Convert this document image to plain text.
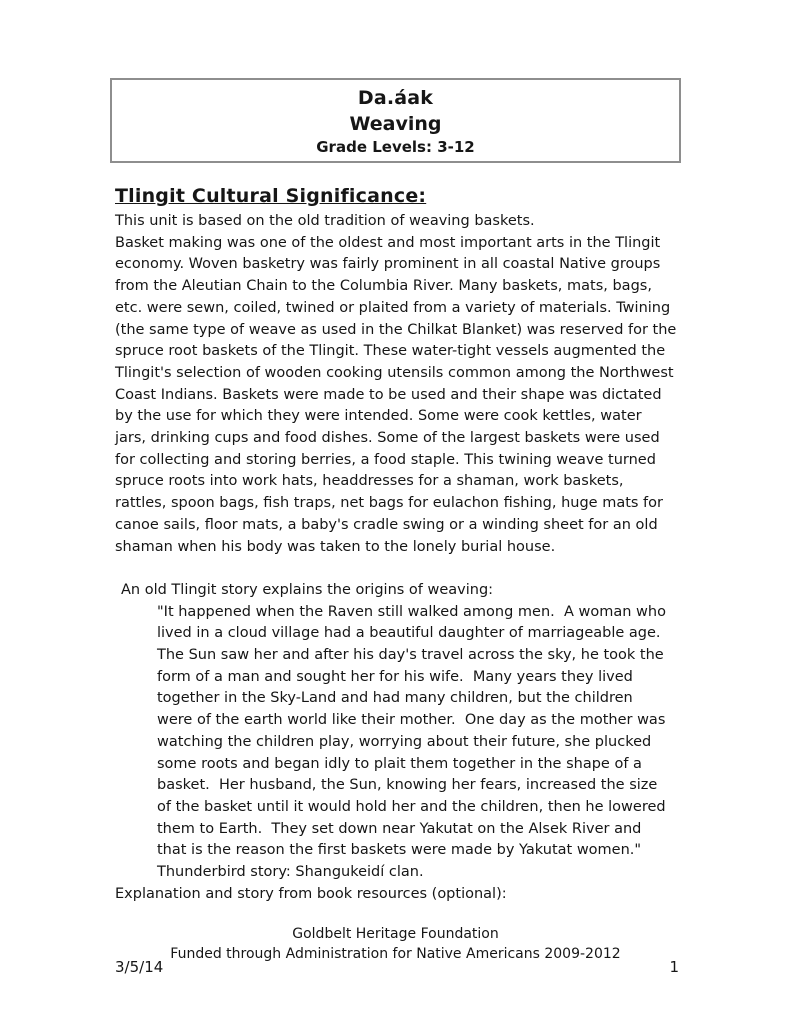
Da.áak
Weaving
Grade Levels: 3-12
Tlingit Cultural Significance:
This unit is based on the old tradition of weaving baskets.
Basket making was one of the oldest and most important arts in the Tlingit
economy. Woven basketry was fairly prominent in all coastal Native groups
from the Aleutian Chain to the Columbia River. Many baskets, mats, bags,
etc. were sewn, coiled, twined or plaited from a variety of materials. Twining
(the same type of weave as used in the Chilkat Blanket) was reserved for the
spruce root baskets of the Tlingit. These water-tight vessels augmented the
Tlingit's selection of wooden cooking utensils common among the Northwest
Coast Indians. Baskets were made to be used and their shape was dictated
by the use for which they were intended. Some were cook kettles, water
jars, drinking cups and food dishes. Some of the largest baskets were used
for collecting and storing berries, a food staple. This twining weave turned
spruce roots into work hats, headdresses for a shaman, work baskets,
rattles, spoon bags, fish traps, net bags for eulachon fishing, huge mats for
canoe sails, floor mats, a baby's cradle swing or a winding sheet for an old
shaman when his body was taken to the lonely burial house.
An old Tlingit story explains the origins of weaving:
"It happened when the Raven still walked among men.  A woman who
lived in a cloud village had a beautiful daughter of marriageable age.
The Sun saw her and after his day's travel across the sky, he took the
form of a man and sought her for his wife.  Many years they lived
together in the Sky-Land and had many children, but the children
were of the earth world like their mother.  One day as the mother was
watching the children play, worrying about their future, she plucked
some roots and began idly to plait them together in the shape of a
basket.  Her husband, the Sun, knowing her fears, increased the size
of the basket until it would hold her and the children, then he lowered
them to Earth.  They set down near Yakutat on the Alsek River and
that is the reason the first baskets were made by Yakutat women."
Thunderbird story: Shangukeidí clan.
Explanation and story from book resources (optional):
Goldbelt Heritage Foundation
Funded through Administration for Native Americans 2009-2012
3/5/14	1
